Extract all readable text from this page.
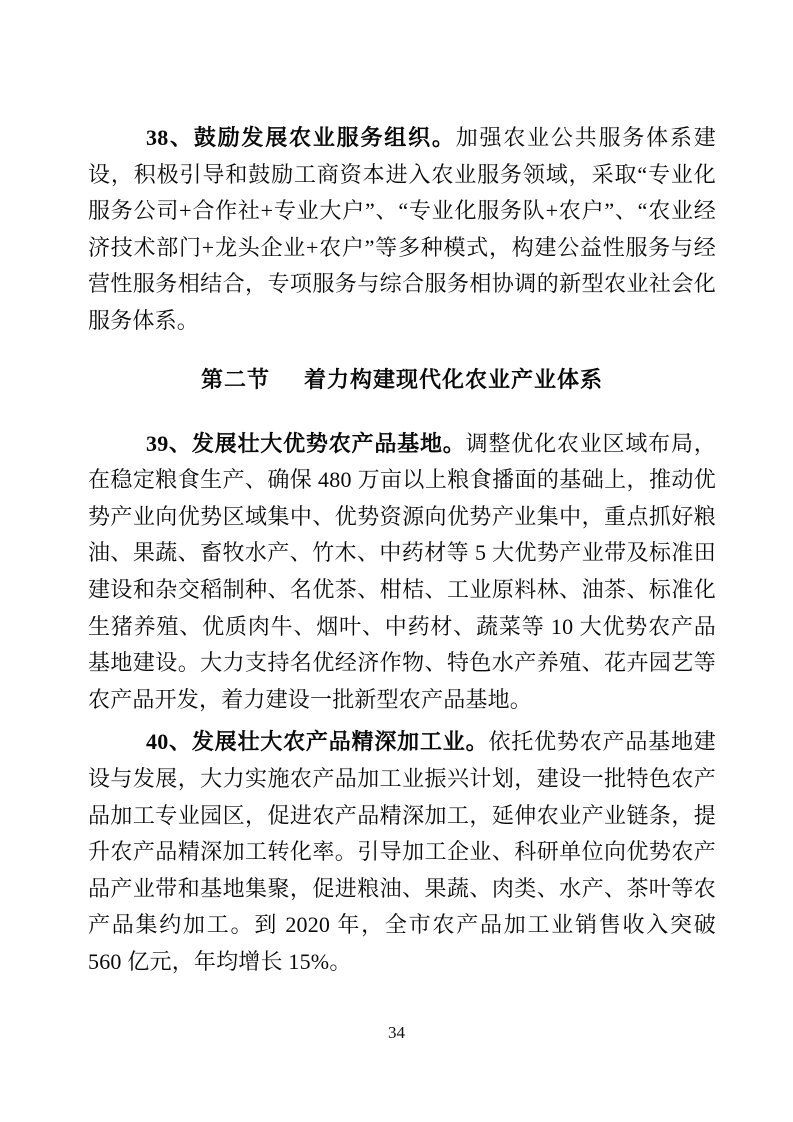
38、鼓励发展农业服务组织。加强农业公共服务体系建设，积极引导和鼓励工商资本进入农业服务领域，采取“专业化服务公司+合作社+专业大户”、“专业化服务队+农户”、“农业经济技术部门+龙头企业+农户”等多种模式，构建公益性服务与经营性服务相结合，专项服务与综合服务相协调的新型农业社会化服务体系。

第二节 着力构建现代化农业产业体系

39、发展壮大优势农产品基地。调整优化农业区域布局，在稳定粮食生产、确保 480 万亩以上粮食播面的基础上，推动优势产业向优势区域集中、优势资源向优势产业集中，重点抓好粮油、果蔬、畜牧水产、竹木、中药材等 5 大优势产业带及标准田建设和杂交稻制种、名优茶、柑桔、工业原料林、油茶、标准化生猪养殖、优质肉牛、烟叶、中药材、蔬菜等 10 大优势农产品基地建设。大力支持名优经济作物、特色水产养殖、花卉园艺等农产品开发，着力建设一批新型农产品基地。

40、发展壮大农产品精深加工业。依托优势农产品基地建设与发展，大力实施农产品加工业振兴计划，建设一批特色农产品加工专业园区，促进农产品精深加工，延伸农业产业链条，提升农产品精深加工转化率。引导加工企业、科研单位向优势农产品产业带和基地集聚，促进粮油、果蔬、肉类、水产、茶叶等农产品集约加工。到 2020 年，全市农产品加工业销售收入突破 560 亿元，年均增长 15%。

34
